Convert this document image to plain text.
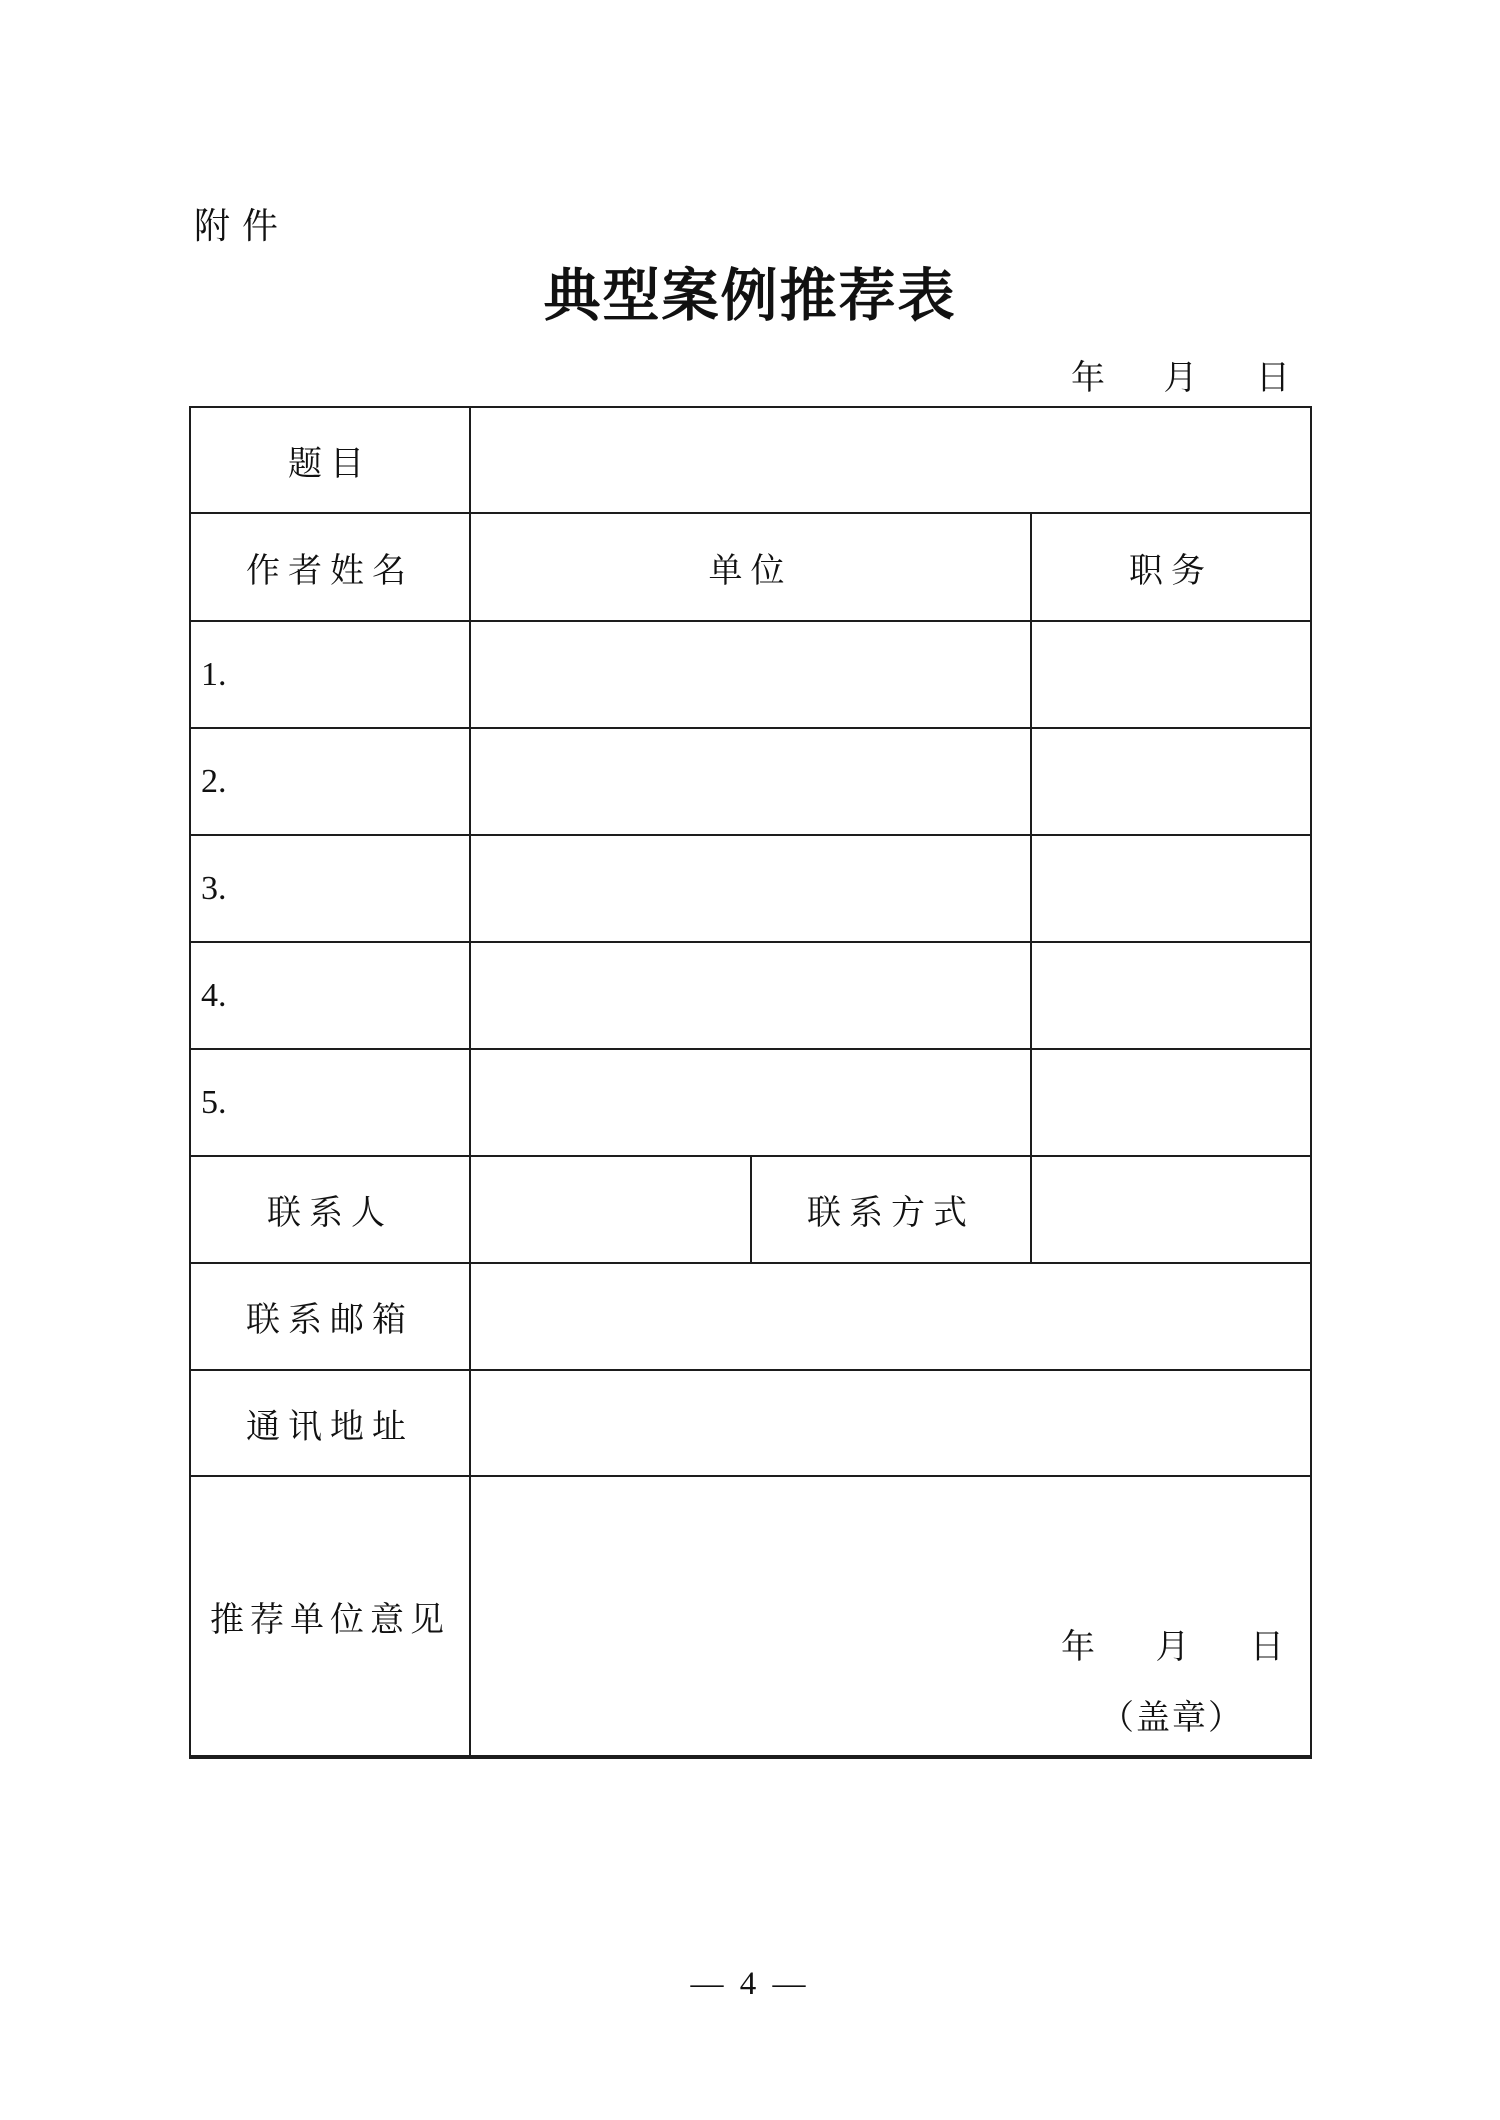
附件
典型案例推荐表
年 月 日
题目
作者姓名	单位	职务
1.
2.
3.
4.
5.
联系人	联系方式
联系邮箱
通讯地址
推荐单位意见
年 月 日
（盖章）
— 4 —
